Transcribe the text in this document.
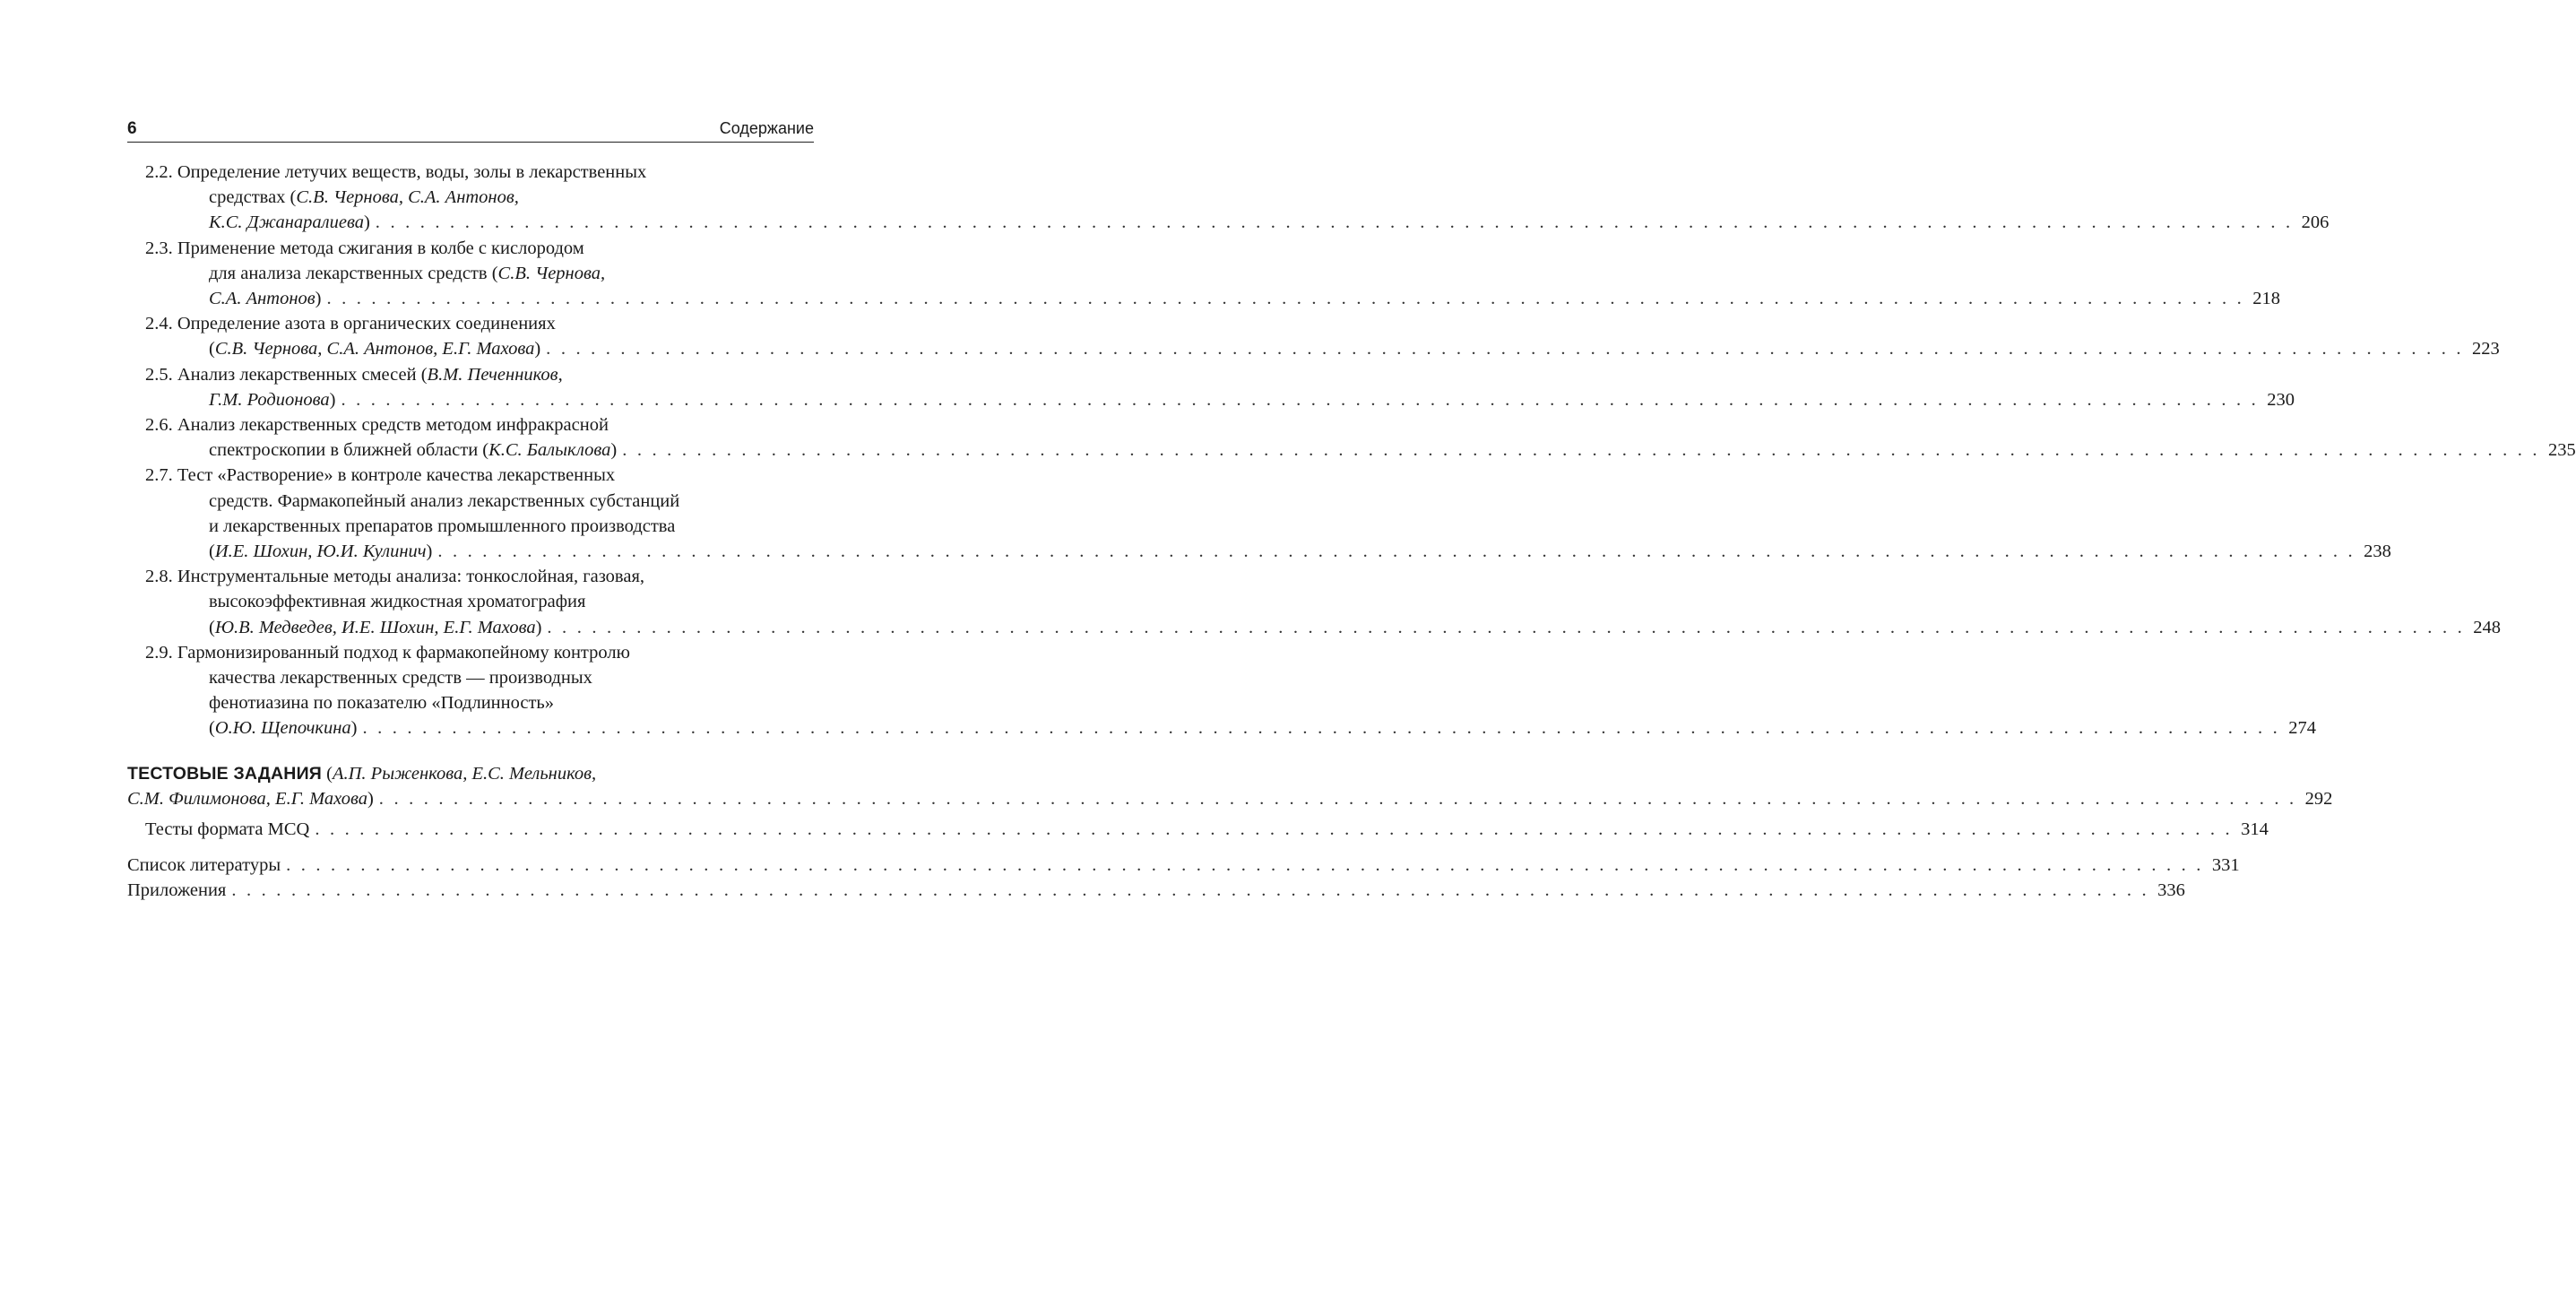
6	Содержание
2.2. Определение летучих веществ, воды, золы в лекарственных
средствах (С.В. Чернова, С.А. Антонов,
К.С. Джанаралиева) . . . . . . . . . . . . . . . . . . . . . . . . . . . . . . . . . . . . . . . . . . . . . . . . . . . . . . . . . . . . . . . . . . . . . . . . . . . . . . . . . . . . . . . . . . . . . . . . . . . . . . . . . . . . . . . . . . . . . . . . . . . . . . . . . 206
2.3. Применение метода сжигания в колбе с кислородом
для анализа лекарственных средств (С.В. Чернова,
С.А. Антонов) . . . . . . . . . . . . . . . . . . . . . . . . . . . . . . . . . . . . . . . . . . . . . . . . . . . . . . . . . . . . . . . . . . . . . . . . . . . . . . . . . . . . . . . . . . . . . . . . . . . . . . . . . . . . . . . . . . . . . . . . . . . . . . . . . 218
2.4. Определение азота в органических соединениях
(С.В. Чернова, С.А. Антонов, Е.Г. Махова) . . . . . . . . . . . . . . . . . . . . . . . . . . . . . . . . . . . . . . . . . . . . . . . . . . . . . . . . . . . . . . . . . . . . . . . . . . . . . . . . . . . . . . . . . . . . . . . . . . . . . . . . . . . . . . . . . . . . . . . . . . . . . . . . . 223
2.5. Анализ лекарственных смесей (В.М. Печенников,
Г.М. Родионова) . . . . . . . . . . . . . . . . . . . . . . . . . . . . . . . . . . . . . . . . . . . . . . . . . . . . . . . . . . . . . . . . . . . . . . . . . . . . . . . . . . . . . . . . . . . . . . . . . . . . . . . . . . . . . . . . . . . . . . . . . . . . . . . . . 230
2.6. Анализ лекарственных средств методом инфракрасной
спектроскопии в ближней области (К.С. Балыклова) . . . . . . . . . . . . . . . . . . . . . . . . . . . . . . . . . . . . . . . . . . . . . . . . . . . . . . . . . . . . . . . . . . . . . . . . . . . . . . . . . . . . . . . . . . . . . . . . . . . . . . . . . . . . . . . . . . . . . . . . . . . . . . . . . 235
2.7. Тест «Растворение» в контроле качества лекарственных
средств. Фармакопейный анализ лекарственных субстанций
и лекарственных препаратов промышленного производства
(И.Е. Шохин, Ю.И. Кулинич) . . . . . . . . . . . . . . . . . . . . . . . . . . . . . . . . . . . . . . . . . . . . . . . . . . . . . . . . . . . . . . . . . . . . . . . . . . . . . . . . . . . . . . . . . . . . . . . . . . . . . . . . . . . . . . . . . . . . . . . . . . . . . . . . . 238
2.8. Инструментальные методы анализа: тонкослойная, газовая,
высокоэффективная жидкостная хроматография
(Ю.В. Медведев, И.Е. Шохин, Е.Г. Махова) . . . . . . . . . . . . . . . . . . . . . . . . . . . . . . . . . . . . . . . . . . . . . . . . . . . . . . . . . . . . . . . . . . . . . . . . . . . . . . . . . . . . . . . . . . . . . . . . . . . . . . . . . . . . . . . . . . . . . . . . . . . . . . . . . 248
2.9. Гармонизированный подход к фармакопейному контролю
качества лекарственных средств — производных
фенотиазина по показателю «Подлинность»
(О.Ю. Щепочкина) . . . . . . . . . . . . . . . . . . . . . . . . . . . . . . . . . . . . . . . . . . . . . . . . . . . . . . . . . . . . . . . . . . . . . . . . . . . . . . . . . . . . . . . . . . . . . . . . . . . . . . . . . . . . . . . . . . . . . . . . . . . . . . . . . 274
ТЕСТОВЫЕ ЗАДАНИЯ (А.П. Рыженкова, Е.С. Мельников,
С.М. Филимонова, Е.Г. Махова) . . . . . . . . . . . . . . . . . . . . . . . . . . . . . . . . . . . . . . . . . . . . . . . . . . . . . . . . . . . . . . . . . . . . . . . . . . . . . . . . . . . . . . . . . . . . . . . . . . . . . . . . . . . . . . . . . . . . . . . . . . . . . . . . . 292
Тесты формата MCQ . . . . . . . . . . . . . . . . . . . . . . . . . . . . . . . . . . . . . . . . . . . . . . . . . . . . . . . . . . . . . . . . . . . . . . . . . . . . . . . . . . . . . . . . . . . . . . . . . . . . . . . . . . . . . . . . . . . . . . . . . . . . . . . . . 314
Список литературы . . . . . . . . . . . . . . . . . . . . . . . . . . . . . . . . . . . . . . . . . . . . . . . . . . . . . . . . . . . . . . . . . . . . . . . . . . . . . . . . . . . . . . . . . . . . . . . . . . . . . . . . . . . . . . . . . . . . . . . . . . . . . . . . . 331
Приложения . . . . . . . . . . . . . . . . . . . . . . . . . . . . . . . . . . . . . . . . . . . . . . . . . . . . . . . . . . . . . . . . . . . . . . . . . . . . . . . . . . . . . . . . . . . . . . . . . . . . . . . . . . . . . . . . . . . . . . . . . . . . . . . . . 336
